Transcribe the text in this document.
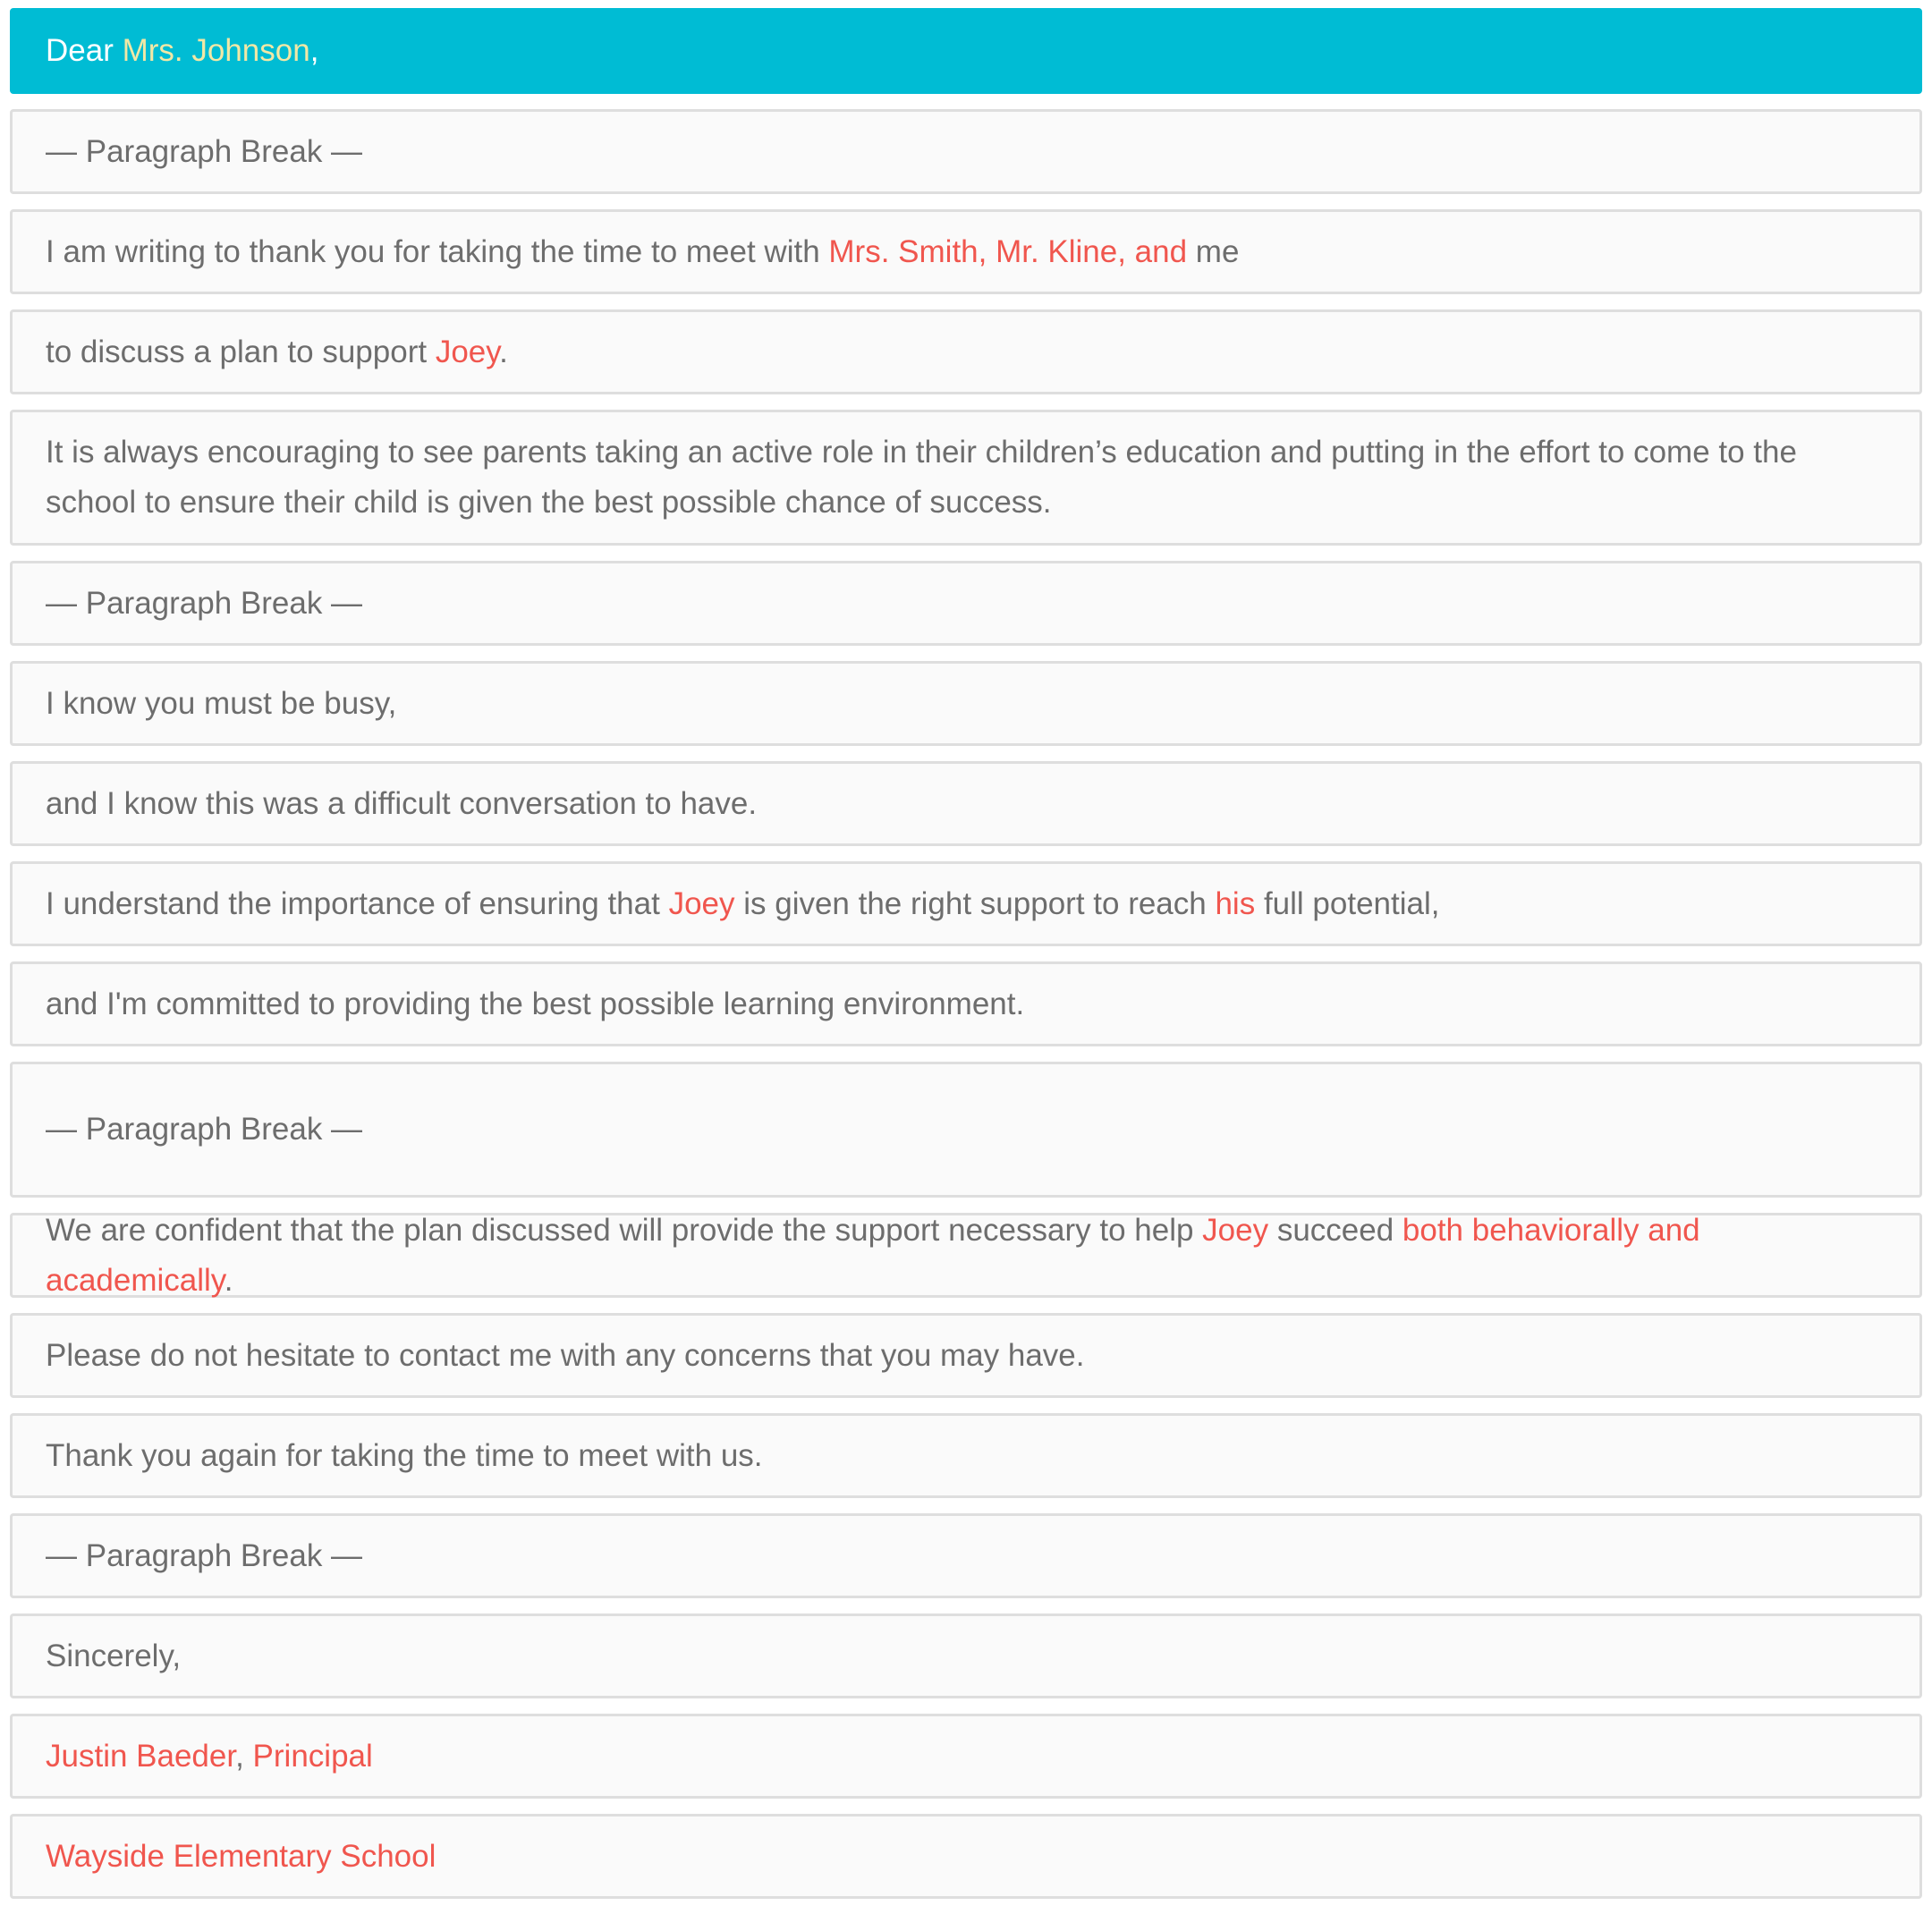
Dear Mrs. Johnson,
— Paragraph Break —
I am writing to thank you for taking the time to meet with Mrs. Smith, Mr. Kline, and me
to discuss a plan to support Joey.
It is always encouraging to see parents taking an active role in their children’s education and putting in the effort to come to the school to ensure their child is given the best possible chance of success.
— Paragraph Break —
I know you must be busy,
and I know this was a difficult conversation to have.
I understand the importance of ensuring that Joey is given the right support to reach his full potential,
and I'm committed to providing the best possible learning environment.
— Paragraph Break —
We are confident that the plan discussed will provide the support necessary to help Joey succeed both behaviorally and academically.
Please do not hesitate to contact me with any concerns that you may have.
Thank you again for taking the time to meet with us.
— Paragraph Break —
Sincerely,
Justin Baeder, Principal
Wayside Elementary School
